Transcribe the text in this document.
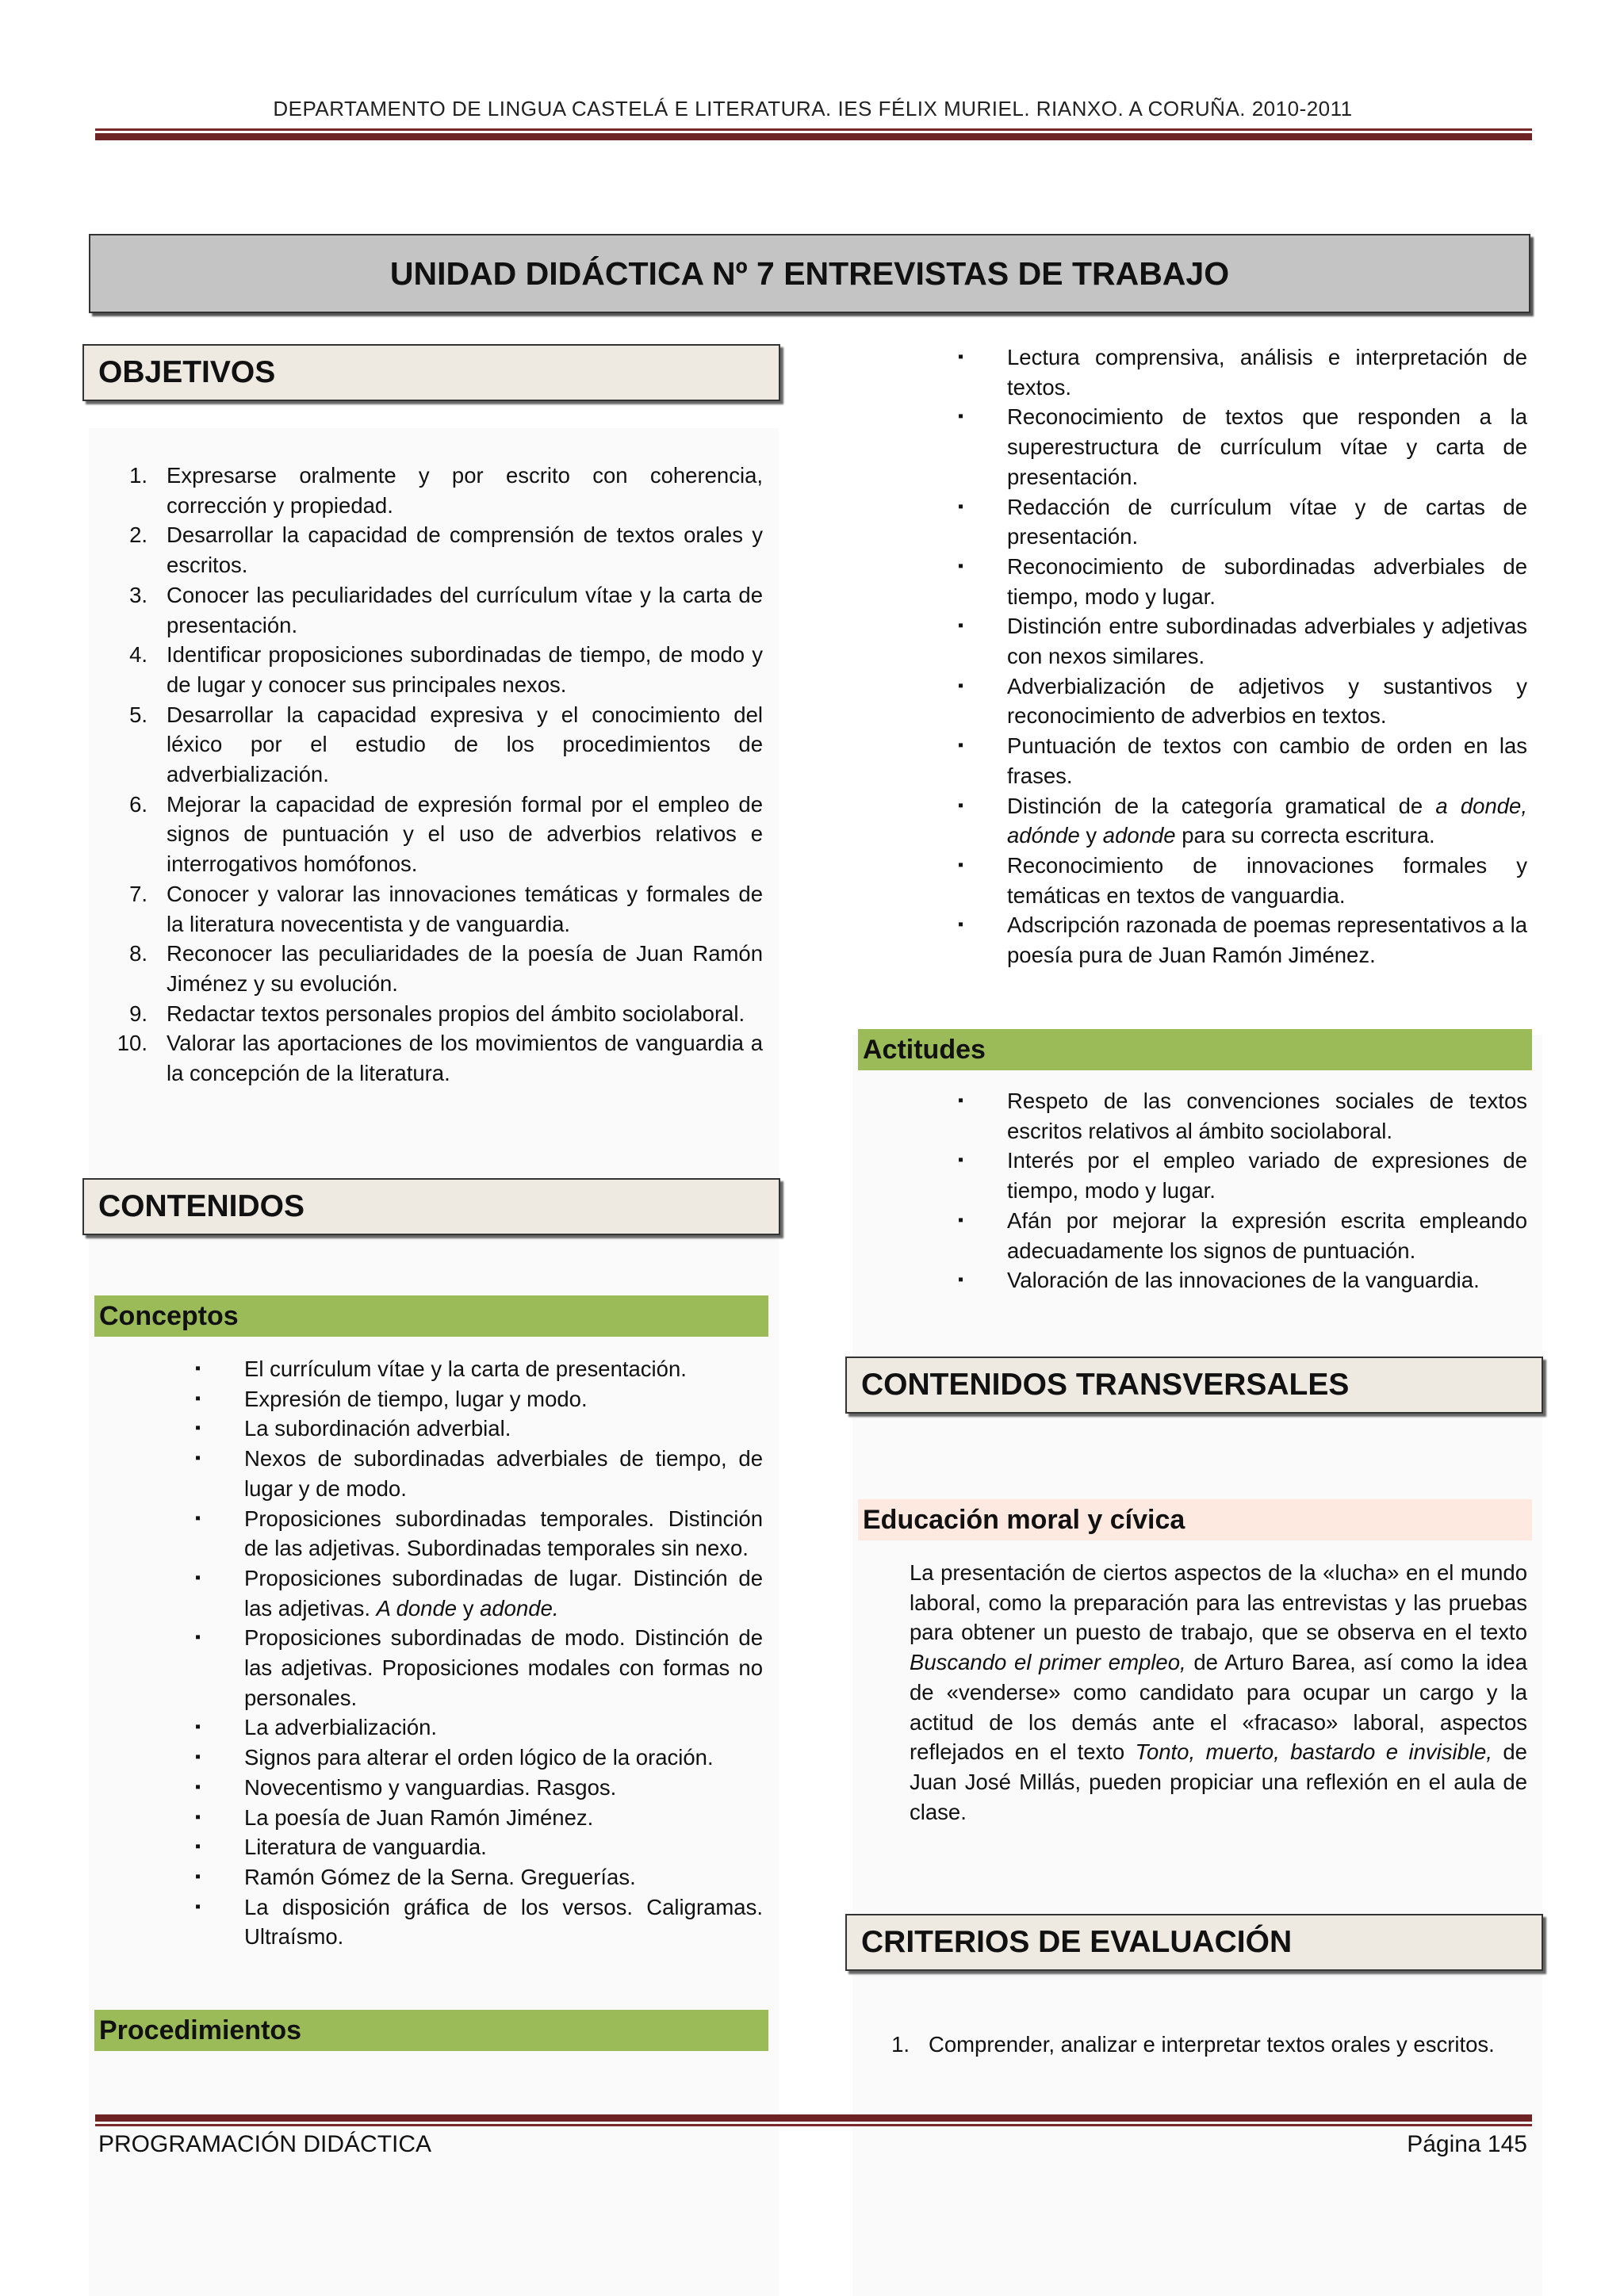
DEPARTAMENTO DE LINGUA CASTELÁ E LITERATURA. IES FÉLIX MURIEL. RIANXO. A CORUÑA. 2010-2011
UNIDAD DIDÁCTICA Nº 7 ENTREVISTAS DE TRABAJO
OBJETIVOS
1. Expresarse oralmente y por escrito con coherencia, corrección y propiedad.
2. Desarrollar la capacidad de comprensión de textos orales y escritos.
3. Conocer las peculiaridades del currículum vítae y la carta de presentación.
4. Identificar proposiciones subordinadas de tiempo, de modo y de lugar y conocer sus principales nexos.
5. Desarrollar la capacidad expresiva y el conocimiento del léxico por el estudio de los procedimientos de adverbialización.
6. Mejorar la capacidad de expresión formal por el empleo de signos de puntuación y el uso de adverbios relativos e interrogativos homófonos.
7. Conocer y valorar las innovaciones temáticas y formales de la literatura novecentista y de vanguardia.
8. Reconocer las peculiaridades de la poesía de Juan Ramón Jiménez y su evolución.
9. Redactar textos personales propios del ámbito sociolaboral.
10. Valorar las aportaciones de los movimientos de vanguardia a la concepción de la literatura.
CONTENIDOS
Conceptos
▪	El currículum vítae y la carta de presentación.
▪	Expresión de tiempo, lugar y modo.
▪	La subordinación adverbial.
▪	Nexos de subordinadas adverbiales de tiempo, de lugar y de modo.
▪	Proposiciones subordinadas temporales. Distinción de las adjetivas. Subordinadas temporales sin nexo.
▪	Proposiciones subordinadas de lugar. Distinción de las adjetivas. A donde y adonde.
▪	Proposiciones subordinadas de modo. Distinción de las adjetivas. Proposiciones modales con formas no personales.
▪	La adverbialización.
▪	Signos para alterar el orden lógico de la oración.
▪	Novecentismo y vanguardias. Rasgos.
▪	La poesía de Juan Ramón Jiménez.
▪	Literatura de vanguardia.
▪	Ramón Gómez de la Serna. Greguerías.
▪	La disposición gráfica de los versos. Caligramas. Ultraísmo.
Procedimientos
▪	Lectura comprensiva, análisis e interpretación de textos.
▪	Reconocimiento de textos que responden a la superestructura de currículum vítae y carta de presentación.
▪	Redacción de currículum vítae y de cartas de presentación.
▪	Reconocimiento de subordinadas adverbiales de tiempo, modo y lugar.
▪	Distinción entre subordinadas adverbiales y adjetivas con nexos similares.
▪	Adverbialización de adjetivos y sustantivos y reconocimiento de adverbios en textos.
▪	Puntuación de textos con cambio de orden en las frases.
▪	Distinción de la categoría gramatical de a donde, adónde y adonde para su correcta escritura.
▪	Reconocimiento de innovaciones formales y temáticas en textos de vanguardia.
▪	Adscripción razonada de poemas representativos a la poesía pura de Juan Ramón Jiménez.
Actitudes
▪	Respeto de las convenciones sociales de textos escritos relativos al ámbito sociolaboral.
▪	Interés por el empleo variado de expresiones de tiempo, modo y lugar.
▪	Afán por mejorar la expresión escrita empleando adecuadamente los signos de puntuación.
▪	Valoración de las innovaciones de la vanguardia.
CONTENIDOS TRANSVERSALES
Educación moral y cívica
La presentación de ciertos aspectos de la «lucha» en el mundo laboral, como la preparación para las entrevistas y las pruebas para obtener un puesto de trabajo, que se observa en el texto Buscando el primer empleo, de Arturo Barea, así como la idea de «venderse» como candidato para ocupar un cargo y la actitud de los demás ante el «fracaso» laboral, aspectos reflejados en el texto Tonto, muerto, bastardo e invisible, de Juan José Millás, pueden propiciar una reflexión en el aula de clase.
CRITERIOS DE EVALUACIÓN
1. Comprender, analizar e interpretar textos orales y escritos.
PROGRAMACIÓN DIDÁCTICA	Página 145
